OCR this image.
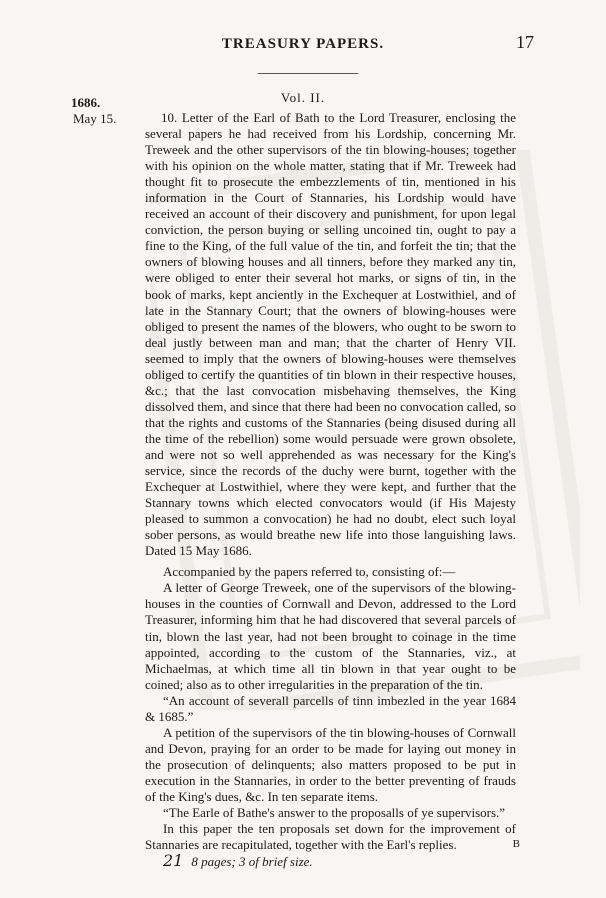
TREASURY PAPERS.	17
Vol. II.
1686.
May 15.	10. Letter of the Earl of Bath to the Lord Treasurer, enclosing the several papers he had received from his Lordship, concerning Mr. Treweek and the other supervisors of the tin blowing-houses; together with his opinion on the whole matter, stating that if Mr. Treweek had thought fit to prosecute the embezzlements of tin, mentioned in his information in the Court of Stannaries, his Lordship would have received an account of their discovery and punishment, for upon legal conviction, the person buying or selling uncoined tin, ought to pay a fine to the King, of the full value of the tin, and forfeit the tin; that the owners of blowing houses and all tinners, before they marked any tin, were obliged to enter their several hot marks, or signs of tin, in the book of marks, kept anciently in the Exchequer at Lostwithiel, and of late in the Stannary Court; that the owners of blowing-houses were obliged to present the names of the blowers, who ought to be sworn to deal justly between man and man; that the charter of Henry VII. seemed to imply that the owners of blowing-houses were themselves obliged to certify the quantities of tin blown in their respective houses, &c.; that the last convocation misbehaving themselves, the King dissolved them, and since that there had been no convocation called, so that the rights and customs of the Stannaries (being disused during all the time of the rebellion) some would persuade were grown obsolete, and were not so well apprehended as was necessary for the King's service, since the records of the duchy were burnt, together with the Exchequer at Lostwithiel, where they were kept, and further that the Stannary towns which elected convocators would (if His Majesty pleased to summon a convocation) he had no doubt, elect such loyal sober persons, as would breathe new life into those languishing laws. Dated 15 May 1686.

Accompanied by the papers referred to, consisting of:—

A letter of George Treweek, one of the supervisors of the blowing-houses in the counties of Cornwall and Devon, addressed to the Lord Treasurer, informing him that he had discovered that several parcels of tin, blown the last year, had not been brought to coinage in the time appointed, according to the custom of the Stannaries, viz., at Michaelmas, at which time all tin blown in that year ought to be coined; also as to other irregularities in the preparation of the tin.

“An account of severall parcells of tinn imbezled in the year 1684 & 1685.”

A petition of the supervisors of the tin blowing-houses of Cornwall and Devon, praying for an order to be made for laying out money in the prosecution of delinquents; also matters proposed to be put in execution in the Stannaries, in order to the better preventing of frauds of the King's dues, &c. In ten separate items.

“The Earle of Bathe's answer to the proposalls of ye supervisors.”

In this paper the ten proposals set down for the improvement of Stannaries are recapitulated, together with the Earl's replies.

21 8 pages; 3 of brief size.

B
